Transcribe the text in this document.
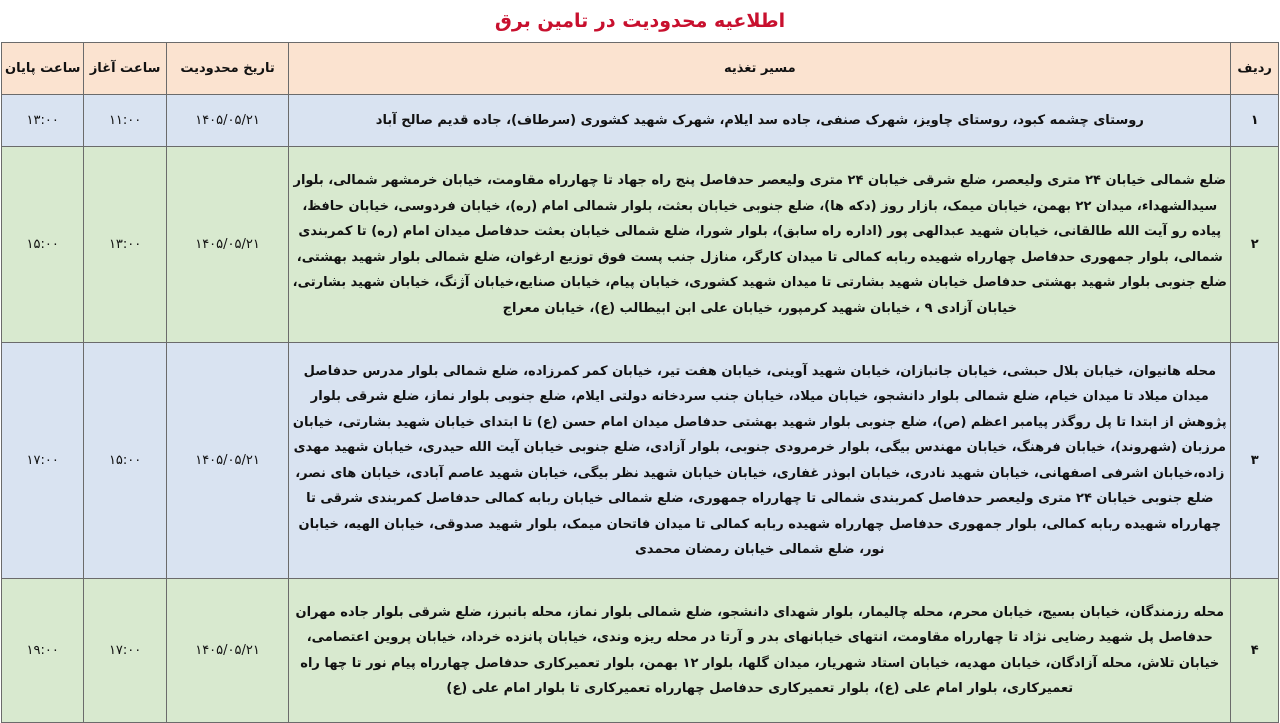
اطلاعیه محدودیت در تامین برق
ردیف	مسیر تغذیه	تاریخ محدودیت	ساعت آغاز	ساعت پایان
۱	روستای چشمه کبود، روستای چاویز، شهرک صنفی، جاده سد ایلام، شهرک شهید کشوری (سرطاف)، جاده قدیم صالح آباد	۱۴۰۵/۰۵/۲۱	۱۱:۰۰	۱۳:۰۰
۲	ضلع شمالی خیابان ۲۴ متری ولیعصر، ضلع شرقی خیابان ۲۴ متری ولیعصر حدفاصل پنج راه جهاد تا چهارراه مقاومت، خیابان خرمشهر شمالی، بلوار سیدالشهداء، میدان ۲۲ بهمن، خیابان میمک، بازار روز (دکه ها)، ضلع جنوبی خیابان بعثت، بلوار شمالی امام (ره)، خیابان فردوسی، خیابان حافظ، پیاده رو آیت الله طالقانی، خیابان شهید عبدالهی پور (اداره راه سابق)، بلوار شورا، ضلع شمالی خیابان بعثت حدفاصل میدان امام (ره) تا کمربندی شمالی، بلوار جمهوری حدفاصل چهارراه شهیده ربابه کمالی تا میدان کارگر، منازل جنب پست فوق توزیع ارغوان، ضلع شمالی بلوار شهید بهشتی، ضلع جنوبی بلوار شهید بهشتی حدفاصل خیابان شهید بشارتی تا میدان شهید کشوری، خیابان پیام، خیابان صنایع،خیابان آژنگ، خیابان شهید بشارتی، خیابان آزادی ۹ ، خیابان شهید کرمپور، خیابان علی ابن ابیطالب (ع)، خیابان معراج	۱۴۰۵/۰۵/۲۱	۱۳:۰۰	۱۵:۰۰
۳	محله هانیوان، خیابان بلال حبشی، خیابان جانبازان، خیابان شهید آوینی، خیابان هفت تیر، خیابان کمر کمرزاده، ضلع شمالی بلوار مدرس حدفاصل میدان میلاد تا میدان خیام، ضلع شمالی بلوار دانشجو، خیابان میلاد، خیابان جنب سردخانه دولتی ایلام، ضلع جنوبی بلوار نماز، ضلع شرقی بلوار پژوهش از ابتدا تا پل روگذر پیامبر اعظم (ص)، ضلع جنوبی بلوار شهید بهشتی حدفاصل میدان امام حسن (ع) تا ابتدای خیابان شهید بشارتی، خیابان مرزبان (شهروند)، خیابان فرهنگ، خیابان مهندس بیگی، بلوار خرمرودی جنوبی، بلوار آزادی، ضلع جنوبی خیابان آیت الله حیدری، خیابان شهید مهدی زاده،خیابان اشرفی اصفهانی، خیابان شهید نادری، خیابان ابوذر غفاری، خیابان خیابان شهید نظر بیگی، خیابان شهید عاصم آبادی، خیابان های نصر، ضلع جنوبی خیابان ۲۴ متری ولیعصر حدفاصل کمربندی شمالی تا چهارراه جمهوری، ضلع شمالی خیابان ربابه کمالی حدفاصل کمربندی شرقی تا چهارراه شهیده ربابه کمالی، بلوار جمهوری حدفاصل چهارراه شهیده ربابه کمالی تا میدان فاتحان میمک، بلوار شهید صدوقی، خیابان الهیه، خیابان نور، ضلع شمالی خیابان رمضان محمدی	۱۴۰۵/۰۵/۲۱	۱۵:۰۰	۱۷:۰۰
۴	محله رزمندگان، خیابان بسیج، خیابان محرم، محله چالیمار، بلوار شهدای دانشجو، ضلع شمالی بلوار نماز، محله بانبرز، ضلع شرقی بلوار جاده مهران حدفاصل پل شهید رضایی نژاد تا چهارراه مقاومت، انتهای خیابانهای بدر و آرتا در محله ریزه وندی، خیابان پانزده خرداد، خیابان پروین اعتصامی، خیابان تلاش، محله آزادگان، خیابان مهدیه، خیابان استاد شهریار، میدان گلها، بلوار ۱۲ بهمن، بلوار تعمیرکاری حدفاصل چهارراه پیام نور تا چها راه تعمیرکاری، بلوار امام علی (ع)، بلوار تعمیرکاری حدفاصل چهارراه تعمیرکاری تا بلوار امام علی (ع)	۱۴۰۵/۰۵/۲۱	۱۷:۰۰	۱۹:۰۰
